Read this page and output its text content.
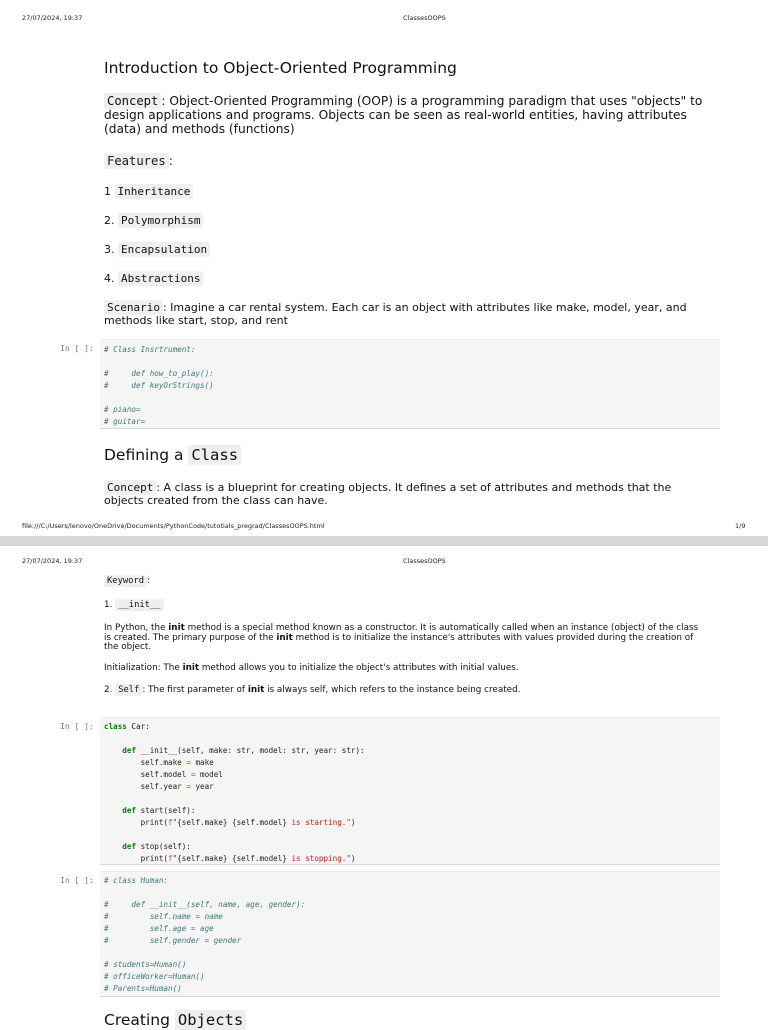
27/07/2024, 19:37	ClassesOOPS
Introduction to Object-Oriented Programming
Concept : Object-Oriented Programming (OOP) is a programming paradigm that uses "objects" to design applications and programs. Objects can be seen as real-world entities, having attributes (data) and methods (functions)
Features :
1 Inheritance
2. Polymorphism
3. Encapsulation
4. Abstractions
Scenario : Imagine a car rental system. Each car is an object with attributes like make, model, year, and methods like start, stop, and rent
In [ ]:	# Class Insrtrument:

#     def how_to_play():
#     def keyOrStrings()

# piano=
# guitar=
Defining a Class
Concept : A class is a blueprint for creating objects. It defines a set of attributes and methods that the objects created from the class can have.
file:///C:/Users/lenovo/OneDrive/Documents/PythonCode/tutotials_pregrad/ClassesOOPS.html	1/9
27/07/2024, 19:37	ClassesOOPS
Keyword :
1. __init__
In Python, the init method is a special method known as a constructor. It is automatically called when an instance (object) of the class is created. The primary purpose of the init method is to initialize the instance's attributes with values provided during the creation of the object.
Initialization: The init method allows you to initialize the object's attributes with initial values.
2. Self : The first parameter of init is always self, which refers to the instance being created.
In [ ]:	class Car:

def __init__(self, make: str, model: str, year: str):
self.make = make
self.model = model
self.year = year

def start(self):
print(f"{self.make} {self.model} is starting.")

def stop(self):
print(f"{self.make} {self.model} is stopping.")
In [ ]:	# class Human:

#     def __init__(self, name, age, gender):
#         self.name = name
#         self.age = age
#         self.gender = gender

# students=Human()
# officeWorker=Human()
# Parents=Human()
Creating Objects
